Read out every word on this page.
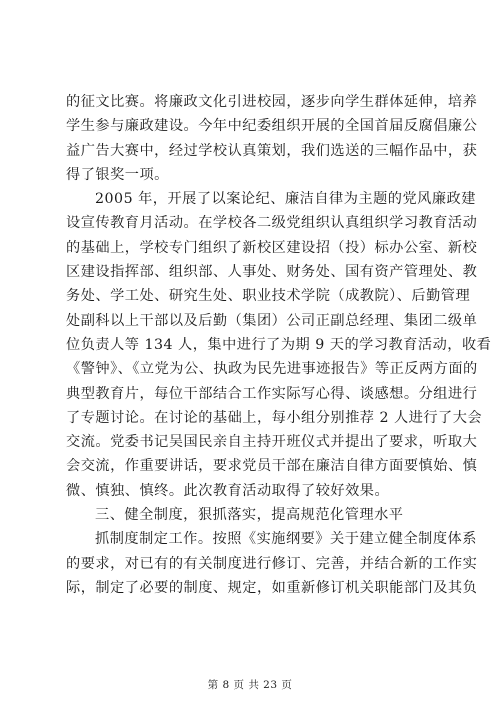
的征文比赛。将廉政文化引进校园，逐步向学生群体延伸，培养
学生参与廉政建设。今年中纪委组织开展的全国首届反腐倡廉公
益广告大赛中，经过学校认真策划，我们选送的三幅作品中，获
得了银奖一项。
2005 年，开展了以案论纪、廉洁自律为主题的党风廉政建
设宣传教育月活动。在学校各二级党组织认真组织学习教育活动
的基础上，学校专门组织了新校区建设招（投）标办公室、新校
区建设指挥部、组织部、人事处、财务处、国有资产管理处、教
务处、学工处、研究生处、职业技术学院（成教院）、后勤管理
处副科以上干部以及后勤（集团）公司正副总经理、集团二级单
位负责人等 134 人，集中进行了为期 9 天的学习教育活动，收看
《警钟》、《立党为公、执政为民先进事迹报告》等正反两方面的
典型教育片，每位干部结合工作实际写心得、谈感想。分组进行
了专题讨论。在讨论的基础上，每小组分别推荐 2 人进行了大会
交流。党委书记吴国民亲自主持开班仪式并提出了要求，听取大
会交流，作重要讲话，要求党员干部在廉洁自律方面要慎始、慎
微、慎独、慎终。此次教育活动取得了较好效果。
三、健全制度，狠抓落实，提高规范化管理水平
抓制度制定工作。按照《实施纲要》关于建立健全制度体系
的要求，对已有的有关制度进行修订、完善，并结合新的工作实
际，制定了必要的制度、规定，如重新修订机关职能部门及其负
第 8 页 共 23 页
